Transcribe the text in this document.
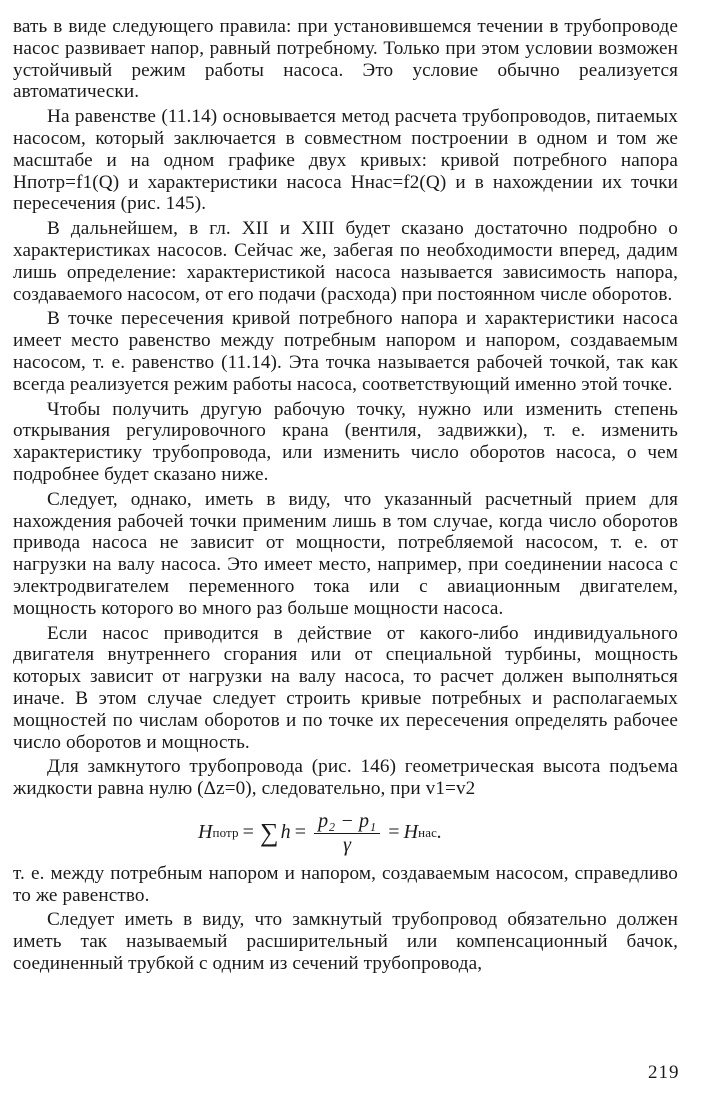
вать в виде следующего правила: при установившемся течении в трубопроводе насос развивает напор, равный потребному. Только при этом условии возможен устойчивый режим работы насоса. Это условие обычно реализуется автоматически.

На равенстве (11.14) основывается метод расчета трубопроводов, питаемых насосом, который заключается в совместном построении в одном и том же масштабе и на одном графике двух кривых: кривой потребного напора Hпотр=f1(Q) и характеристики насоса Hнас=f2(Q) и в нахождении их точки пересечения (рис. 145).

В дальнейшем, в гл. XII и XIII будет сказано достаточно подробно о характеристиках насосов. Сейчас же, забегая по необходимости вперед, дадим лишь определение: характеристикой насоса называется зависимость напора, создаваемого насосом, от его подачи (расхода) при постоянном числе оборотов.

В точке пересечения кривой потребного напора и характеристики насоса имеет место равенство между потребным напором и напором, создаваемым насосом, т. е. равенство (11.14). Эта точка называется рабочей точкой, так как всегда реализуется режим работы насоса, соответствующий именно этой точке.

Чтобы получить другую рабочую точку, нужно или изменить степень открывания регулировочного крана (вентиля, задвижки), т. е. изменить характеристику трубопровода, или изменить число оборотов насоса, о чем подробнее будет сказано ниже.

Следует, однако, иметь в виду, что указанный расчетный прием для нахождения рабочей точки применим лишь в том случае, когда число оборотов привода насоса не зависит от мощности, потребляемой насосом, т. е. от нагрузки на валу насоса. Это имеет место, например, при соединении насоса с электродвигателем переменного тока или с авиационным двигателем, мощность которого во много раз больше мощности насоса.

Если насос приводится в действие от какого-либо индивидуального двигателя внутреннего сгорания или от специальной турбины, мощность которых зависит от нагрузки на валу насоса, то расчет должен выполняться иначе. В этом случае следует строить кривые потребных и располагаемых мощностей по числам оборотов и по точке их пересечения определять рабочее число оборотов и мощность.

Для замкнутого трубопровода (рис. 146) геометрическая высота подъема жидкости равна нулю (Δz=0), следовательно, при v1=v2

H потр = ∑ $h = \frac{\text{p₂ − p₁}}{\gamma} = H$ нас .

т. е. между потребным напором и напором, создаваемым насосом, справедливо то же равенство.

Следует иметь в виду, что замкнутый трубопровод обязательно должен иметь так называемый расширительный или компенсационный бачок, соединенный трубкой с одним из сечений трубопровода,

219
